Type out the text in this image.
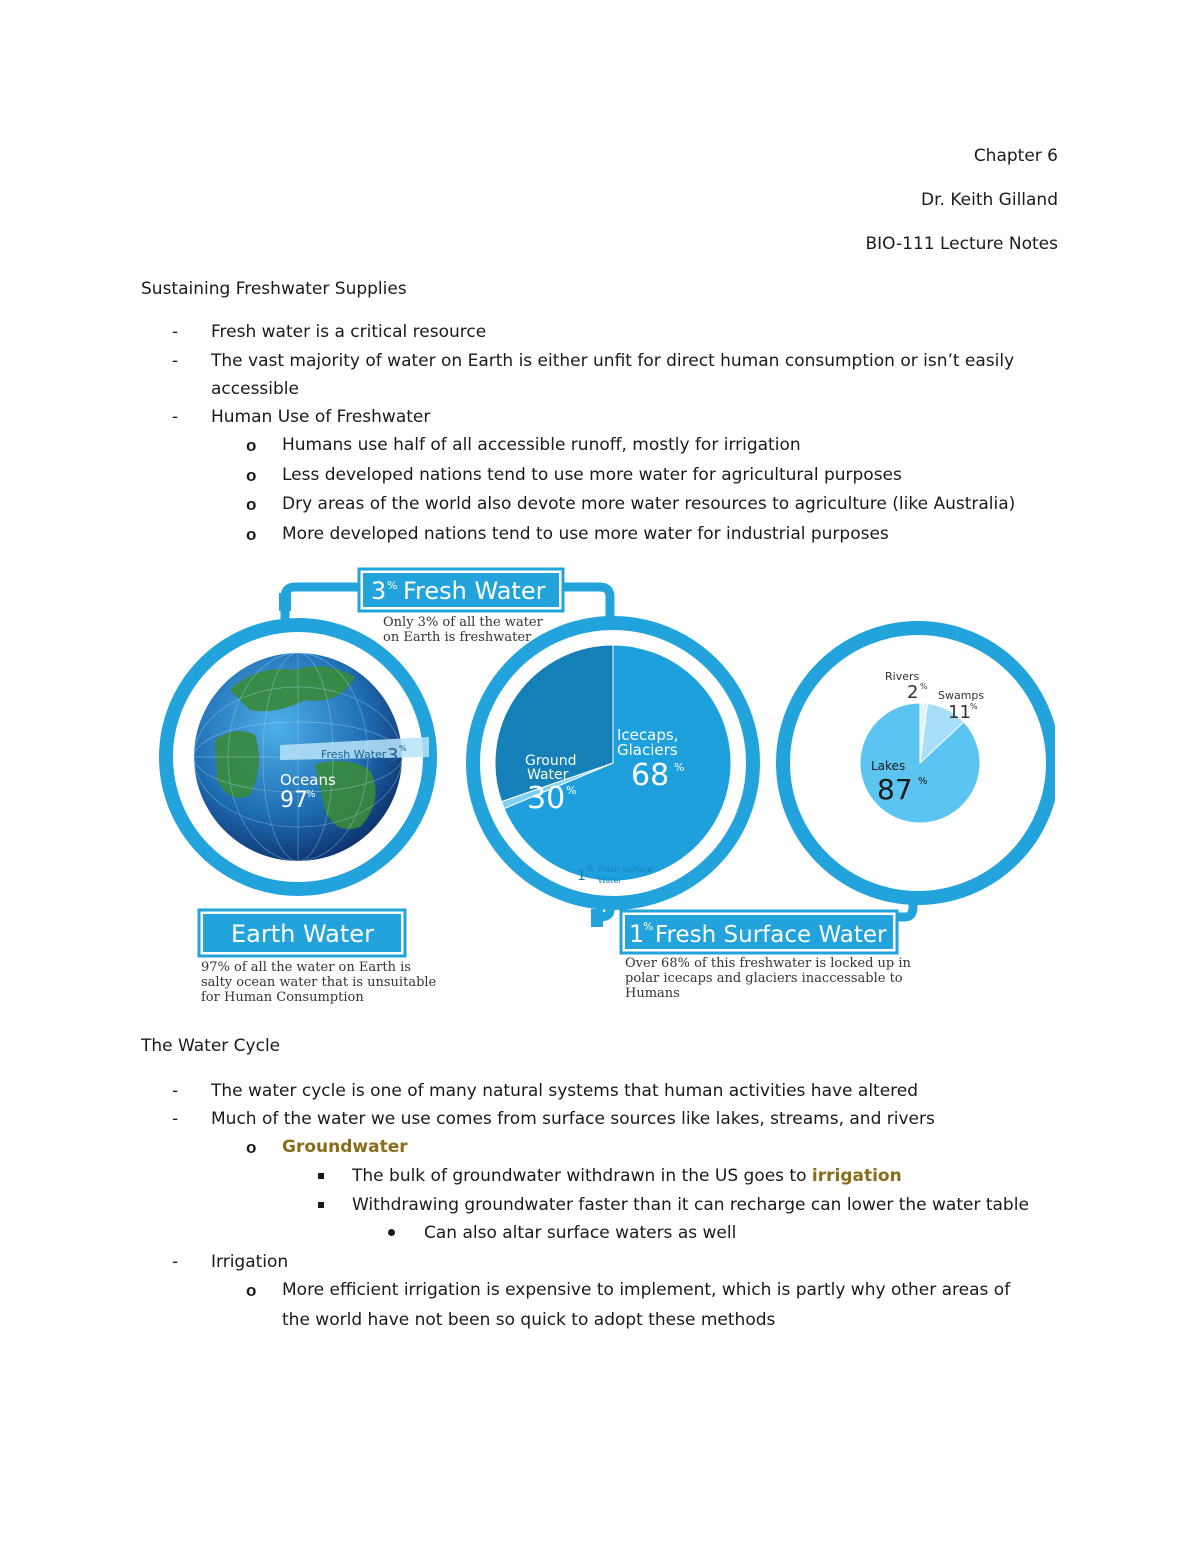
Chapter 6
Dr. Keith Gilland
BIO-111 Lecture Notes
Sustaining Freshwater Supplies
- Fresh water is a critical resource
- The vast majority of water on Earth is either unfit for direct human consumption or isn’t easily
accessible
- Human Use of Freshwater
o Humans use half of all accessible runoff, mostly for irrigation
o Less developed nations tend to use more water for agricultural purposes
o Dry areas of the world also devote more water resources to agriculture (like Australia)
o More developed nations tend to use more water for industrial purposes
3 % Fresh Water
Only 3% of all the water
on Earth is freshwater
Fresh Water 3 %
Oceans
97
%
Icecaps,
Glaciers
68 %
Ground
Water
30 %
1 % Fresh Surface
Water
Rivers
2 %
Swamps
11 %
Lakes
87 %
Earth Water
97% of all the water on Earth is
salty ocean water that is unsuitable
for Human Consumption
1
% Fresh Surface Water
Over 68% of this freshwater is locked up in
polar icecaps and glaciers inaccessable to
Humans
The Water Cycle
- The water cycle is one of many natural systems that human activities have altered
- Much of the water we use comes from surface sources like lakes, streams, and rivers
o Groundwater
The bulk of groundwater withdrawn in the US goes to irrigation
Withdrawing groundwater faster than it can recharge can lower the water table
Can also altar surface waters as well
- Irrigation
o More efficient irrigation is expensive to implement, which is partly why other areas of
the world have not been so quick to adopt these methods
